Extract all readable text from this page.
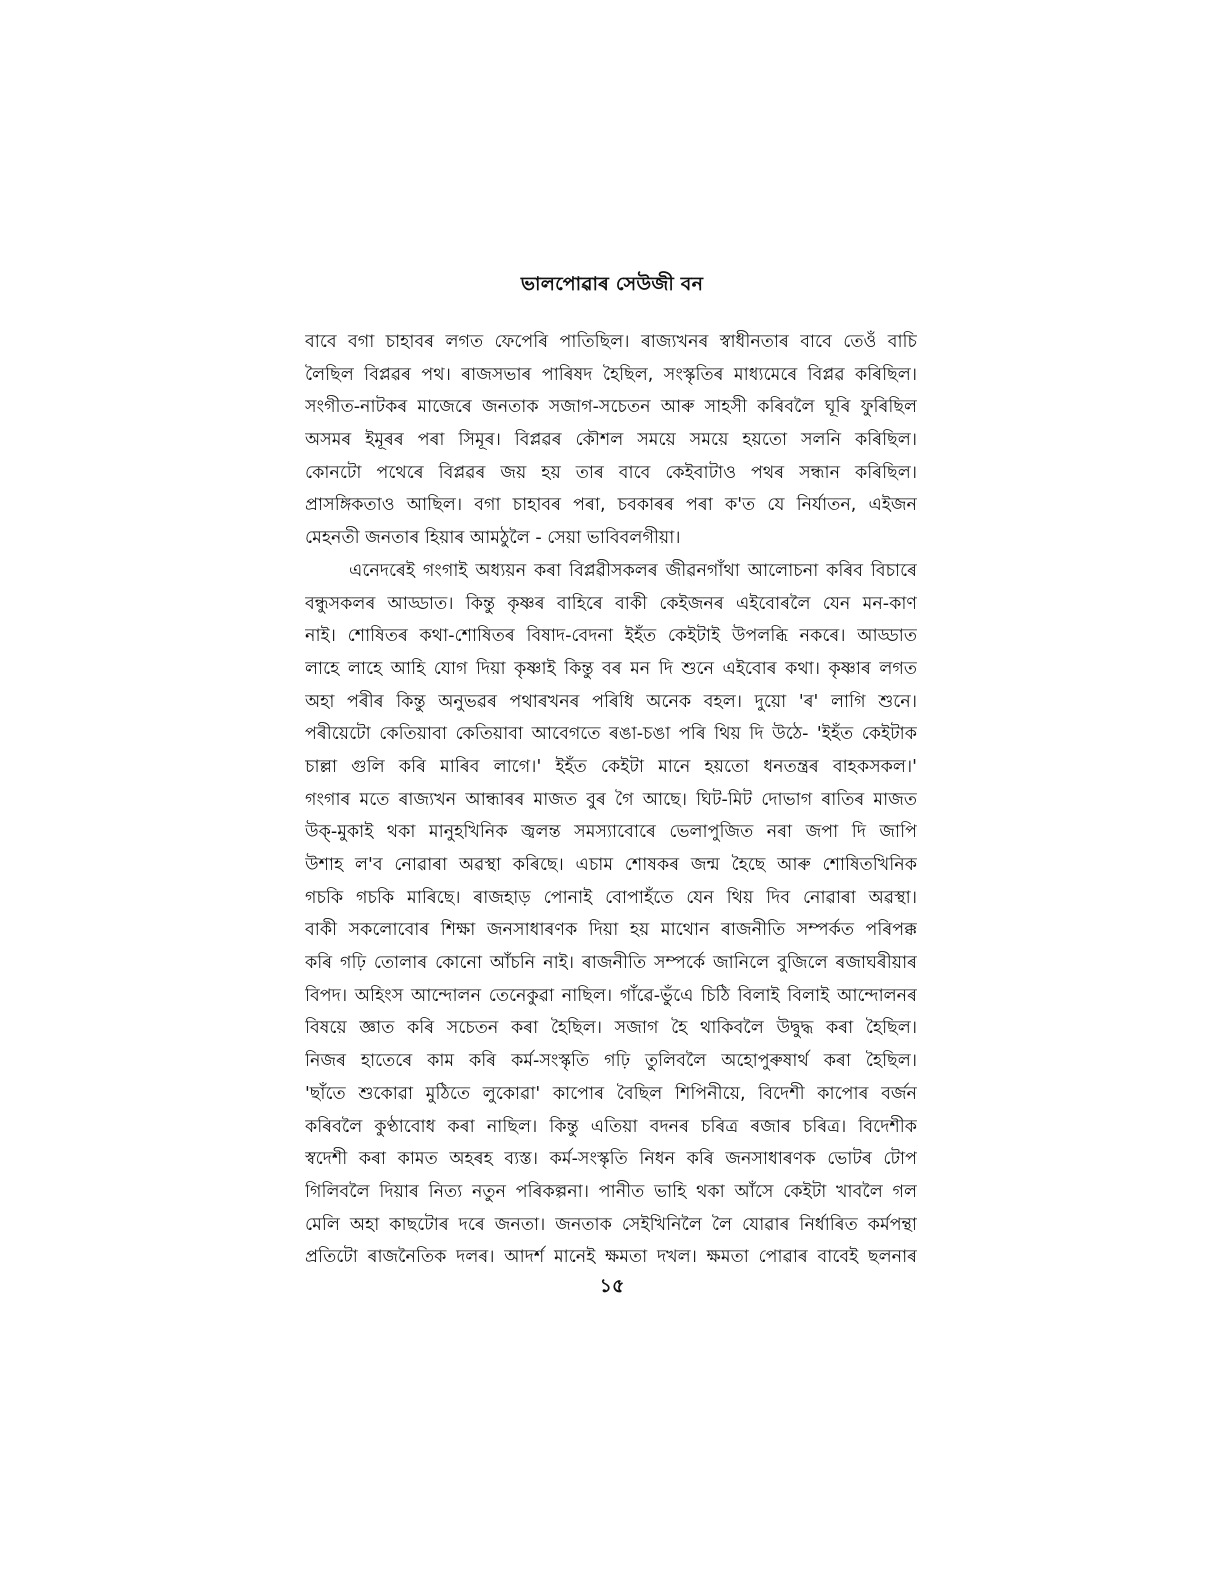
ভালপোৱাৰ সেউজী বন
বাবে বগা চাহাবৰ লগত ফেপেৰি পাতিছিল। ৰাজ্যখনৰ স্বাধীনতাৰ বাবে তেওঁ বাচি
লৈছিল বিপ্লৱৰ পথ। ৰাজসভাৰ পাৰিষদ হৈছিল, সংস্কৃতিৰ মাধ্যমেৰে বিপ্লৱ কৰিছিল।
সংগীত-নাটকৰ মাজেৰে জনতাক সজাগ-সচেতন আৰু সাহসী কৰিবলৈ ঘূৰি ফুৰিছিল
অসমৰ ইমূৰৰ পৰা সিমূৰ। বিপ্লৱৰ কৌশল সময়ে সময়ে হয়তো সলনি কৰিছিল।
কোনটো পথেৰে বিপ্লৱৰ জয় হয় তাৰ বাবে কেইবাটাও পথৰ সন্ধান কৰিছিল।
প্ৰাসঙ্গিকতাও আছিল। বগা চাহাবৰ পৰা, চবকাৰৰ পৰা ক'ত যে নিৰ্যাতন, এইজন
মেহনতী জনতাৰ হিয়াৰ আমঠুলৈ - সেয়া ভাবিবলগীয়া।
এনেদৰেই গংগাই অধ্যয়ন কৰা বিপ্লৱীসকলৰ জীৱনগাঁথা আলোচনা কৰিব বিচাৰে
বন্ধুসকলৰ আড্ডাত। কিন্তু কৃষ্ণৰ বাহিৰে বাকী কেইজনৰ এইবোৰলৈ যেন মন-কাণ
নাই। শোষিতৰ কথা-শোষিতৰ বিষাদ-বেদনা ইহঁত কেইটাই উপলব্ধি নকৰে। আড্ডাত
লাহে লাহে আহি যোগ দিয়া কৃষ্ণাই কিন্তু বৰ মন দি শুনে এইবোৰ কথা। কৃষ্ণাৰ লগত
অহা পৰীৰ কিন্তু অনুভৱৰ পথাৰখনৰ পৰিধি অনেক বহল। দুয়ো 'ৰ' লাগি শুনে।
পৰীয়েটো কেতিয়াবা কেতিয়াবা আবেগতে ৰঙা-চঙা পৰি থিয় দি উঠে- 'ইহঁত কেইটাক
চাল্লা গুলি কৰি মাৰিব লাগে।' ইহঁত কেইটা মানে হয়তো ধনতন্ত্ৰৰ বাহকসকল।'
গংগাৰ মতে ৰাজ্যখন আন্ধাৰৰ মাজত বুৰ গৈ আছে। ঘিট-মিট দোভাগ ৰাতিৰ মাজত
উক্-মুকাই থকা মানুহখিনিক জ্বলন্ত সমস্যাবোৰে ভেলাপুজিত নৰা জপা দি জাপি
উশাহ ল'ব নোৱাৰা অৱস্থা কৰিছে। এচাম শোষকৰ জন্ম হৈছে আৰু শোষিতখিনিক
গচকি গচকি মাৰিছে। ৰাজহাড় পোনাই বোপাহঁতে যেন থিয় দিব নোৱাৰা অৱস্থা।
বাকী সকলোবোৰ শিক্ষা জনসাধাৰণক দিয়া হয় মাথোন ৰাজনীতি সম্পৰ্কত পৰিপক্ক
কৰি গঢ়ি তোলাৰ কোনো আঁচনি নাই। ৰাজনীতি সম্পৰ্কে জানিলে বুজিলে ৰজাঘৰীয়াৰ
বিপদ। অহিংস আন্দোলন তেনেকুৱা নাছিল। গাঁৱে-ভুঁএে চিঠি বিলাই বিলাই আন্দোলনৰ
বিষয়ে জ্ঞাত কৰি সচেতন কৰা হৈছিল। সজাগ হৈ থাকিবলৈ উদ্বুদ্ধ কৰা হৈছিল।
নিজৰ হাতেৰে কাম কৰি কৰ্ম-সংস্কৃতি গঢ়ি তুলিবলৈ অহোপুৰুষাৰ্থ কৰা হৈছিল।
'ছাঁতে শুকোৱা মুঠিতে লুকোৱা' কাপোৰ বৈছিল শিপিনীয়ে, বিদেশী কাপোৰ বৰ্জন
কৰিবলৈ কুণ্ঠাবোধ কৰা নাছিল। কিন্তু এতিয়া বদনৰ চৰিত্ৰ ৰজাৰ চৰিত্ৰ। বিদেশীক
স্বদেশী কৰা কামত অহৰহ ব্যস্ত। কৰ্ম-সংস্কৃতি নিধন কৰি জনসাধাৰণক ভোটৰ টোপ
গিলিবলৈ দিয়াৰ নিত্য নতুন পৰিকল্পনা। পানীত ভাহি থকা আঁসে কেইটা খাবলৈ গল
মেলি অহা কাছটোৰ দৰে জনতা। জনতাক সেইখিনিলৈ লৈ যোৱাৰ নিৰ্ধাৰিত কৰ্মপন্থা
প্ৰতিটো ৰাজনৈতিক দলৰ। আদৰ্শ মানেই ক্ষমতা দখল। ক্ষমতা পোৱাৰ বাবেই ছলনাৰ
১৫
